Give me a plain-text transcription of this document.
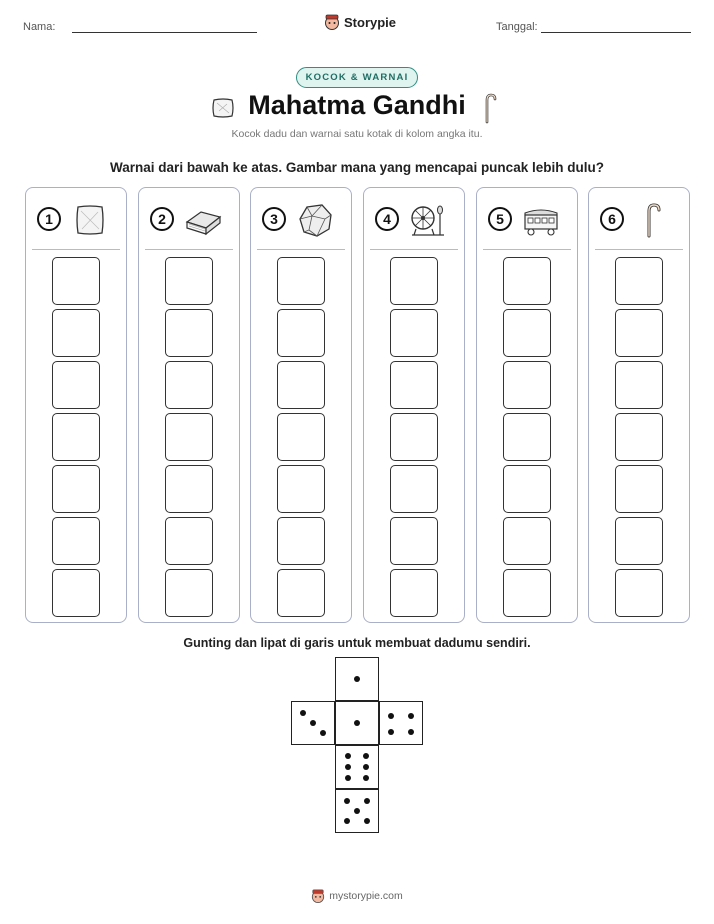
Nama:	Storypie	Tanggal:
KOCOK & WARNAI
Mahatma Gandhi
Kocok dadu dan warnai satu kotak di kolom angka itu.
Warnai dari bawah ke atas. Gambar mana yang mencapai puncak lebih dulu?
1	2	3	4	5	6
Gunting dan lipat di garis untuk membuat dadumu sendiri.
mystorypie.com
